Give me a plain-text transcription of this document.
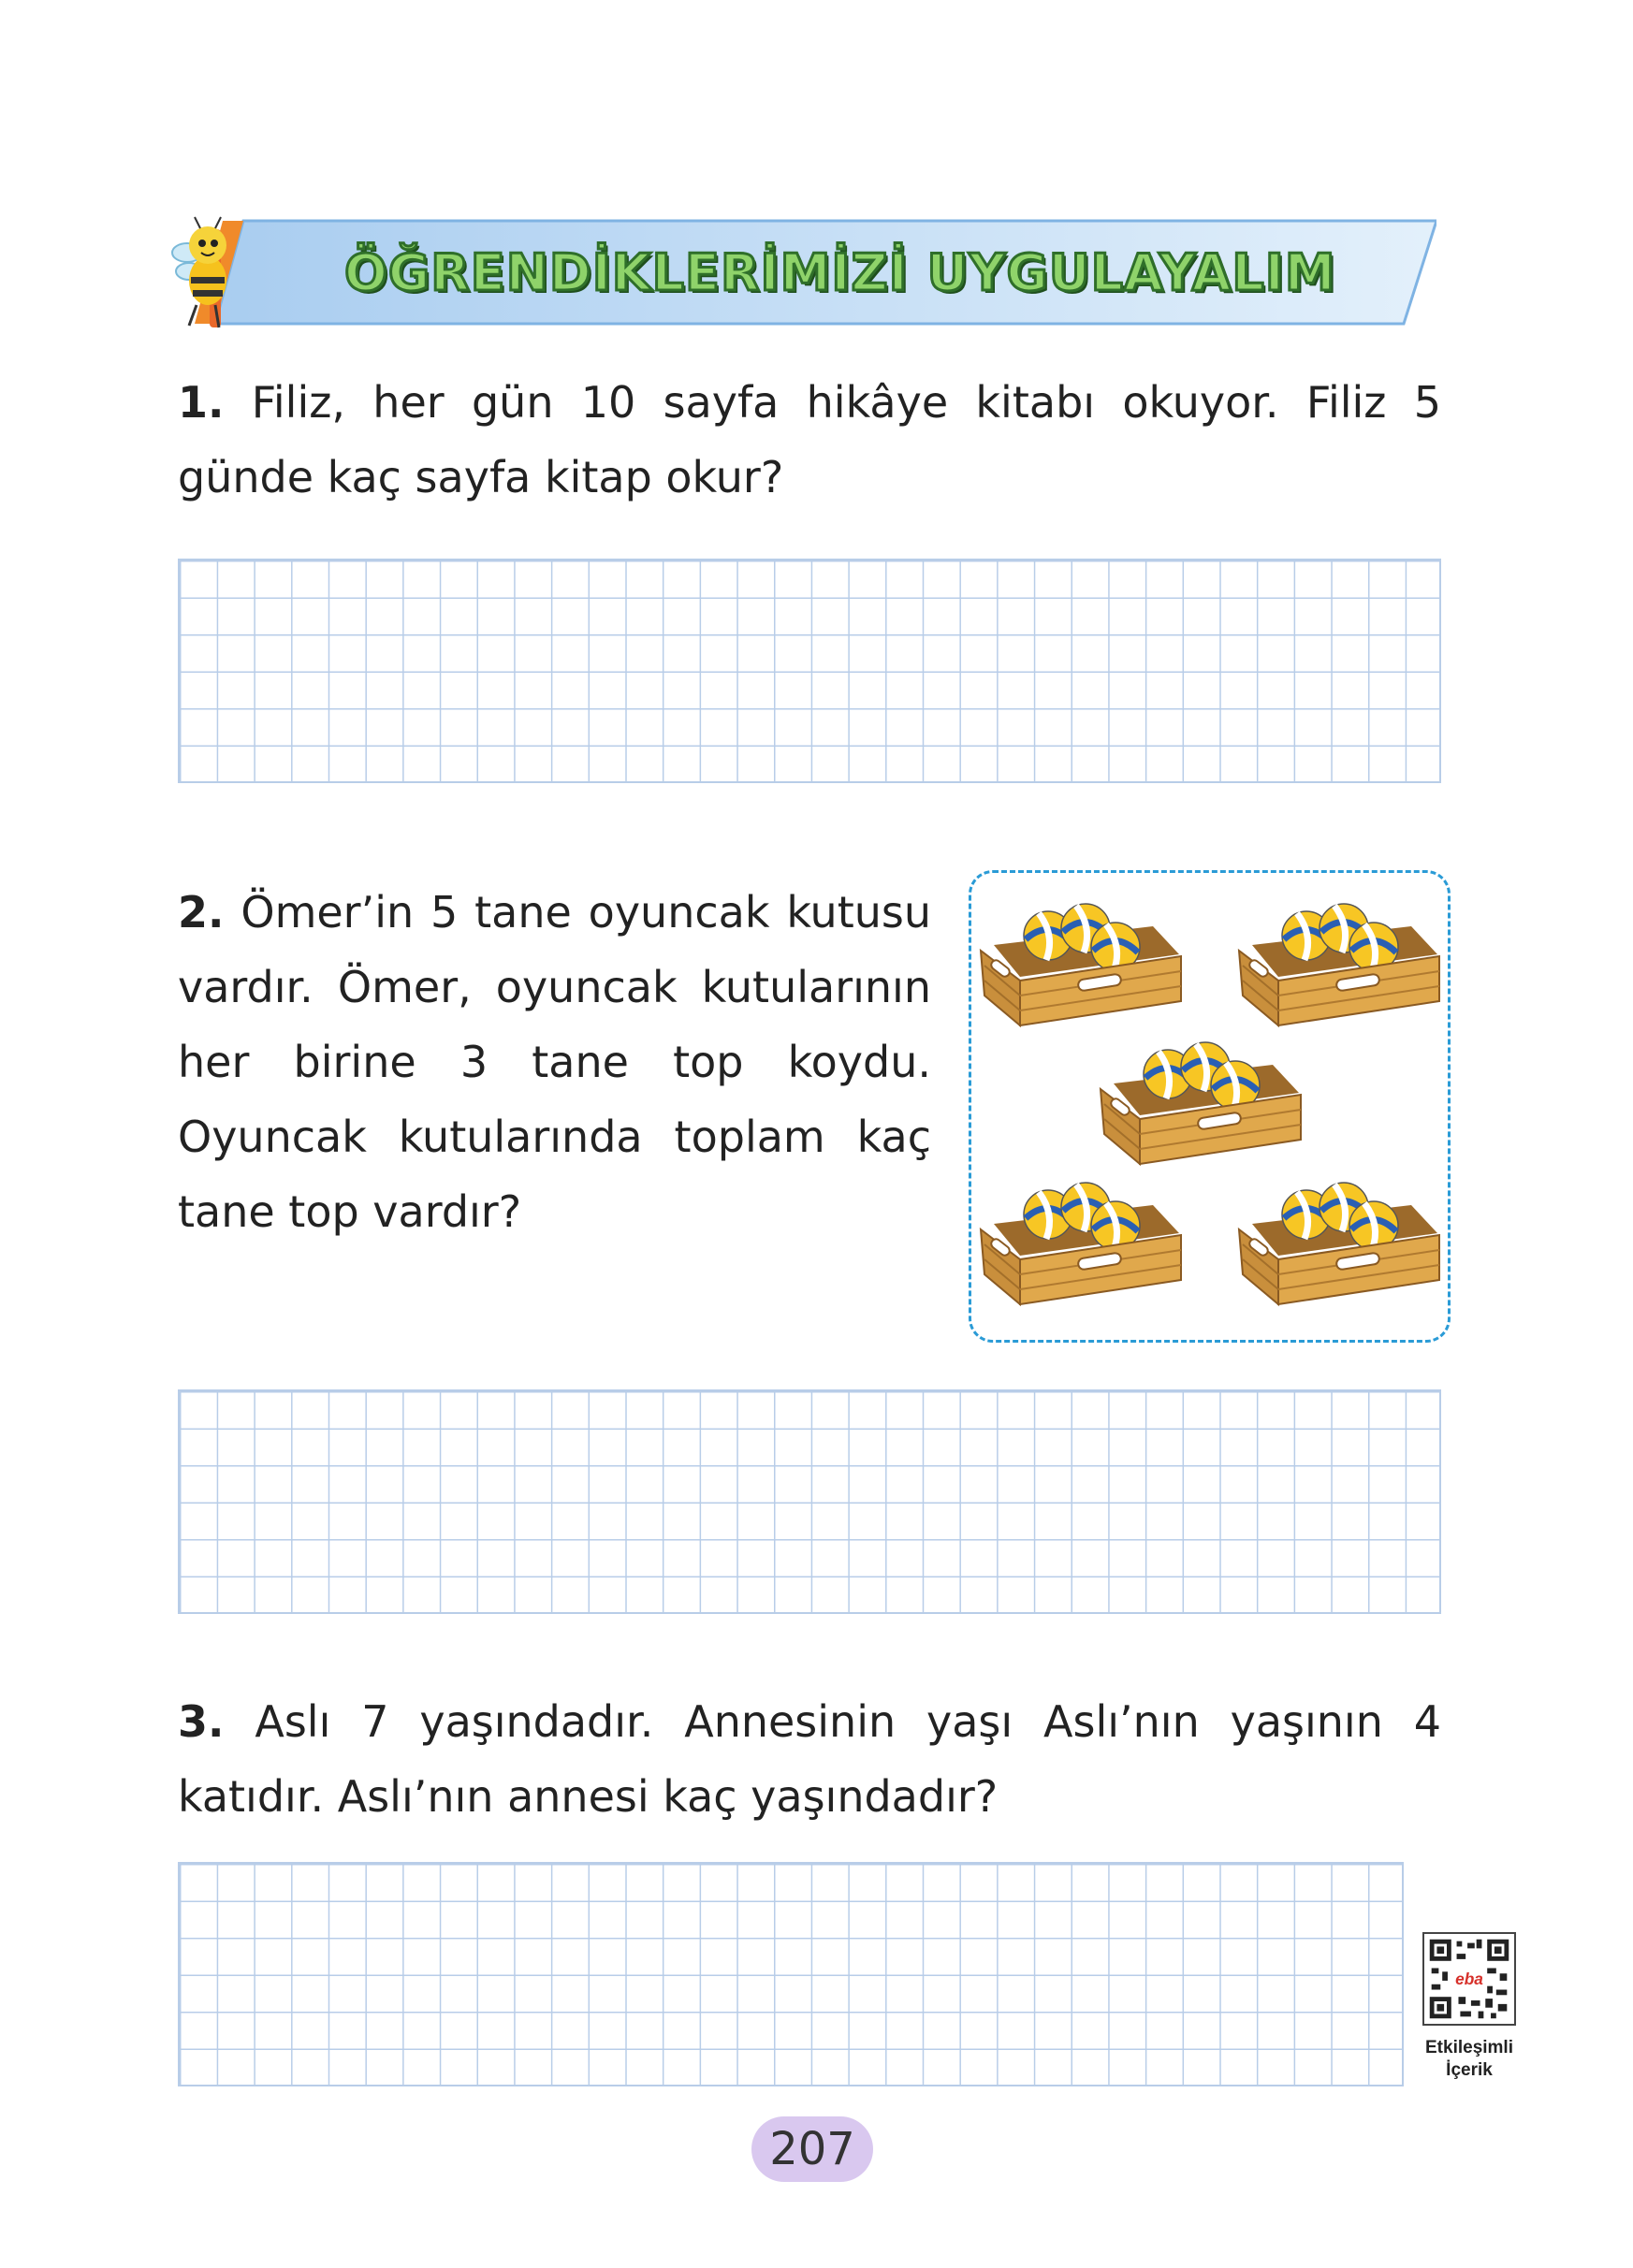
ÖĞRENDİKLERİMİZİ UYGULAYALIM
1. Filiz, her gün 10 sayfa hikâye kitabı okuyor. Filiz 5 günde kaç sayfa kitap okur?
2. Ömer’in 5 tane oyuncak kutusu vardır. Ömer, oyuncak kutularının her birine 3 tane top koydu. Oyuncak kutularında toplam kaç tane top vardır?
3. Aslı 7 yaşındadır. Annesinin yaşı Aslı’nın yaşının 4 katıdır. Aslı’nın annesi kaç yaşındadır?
eba
Etkileşimli
İçerik
207
